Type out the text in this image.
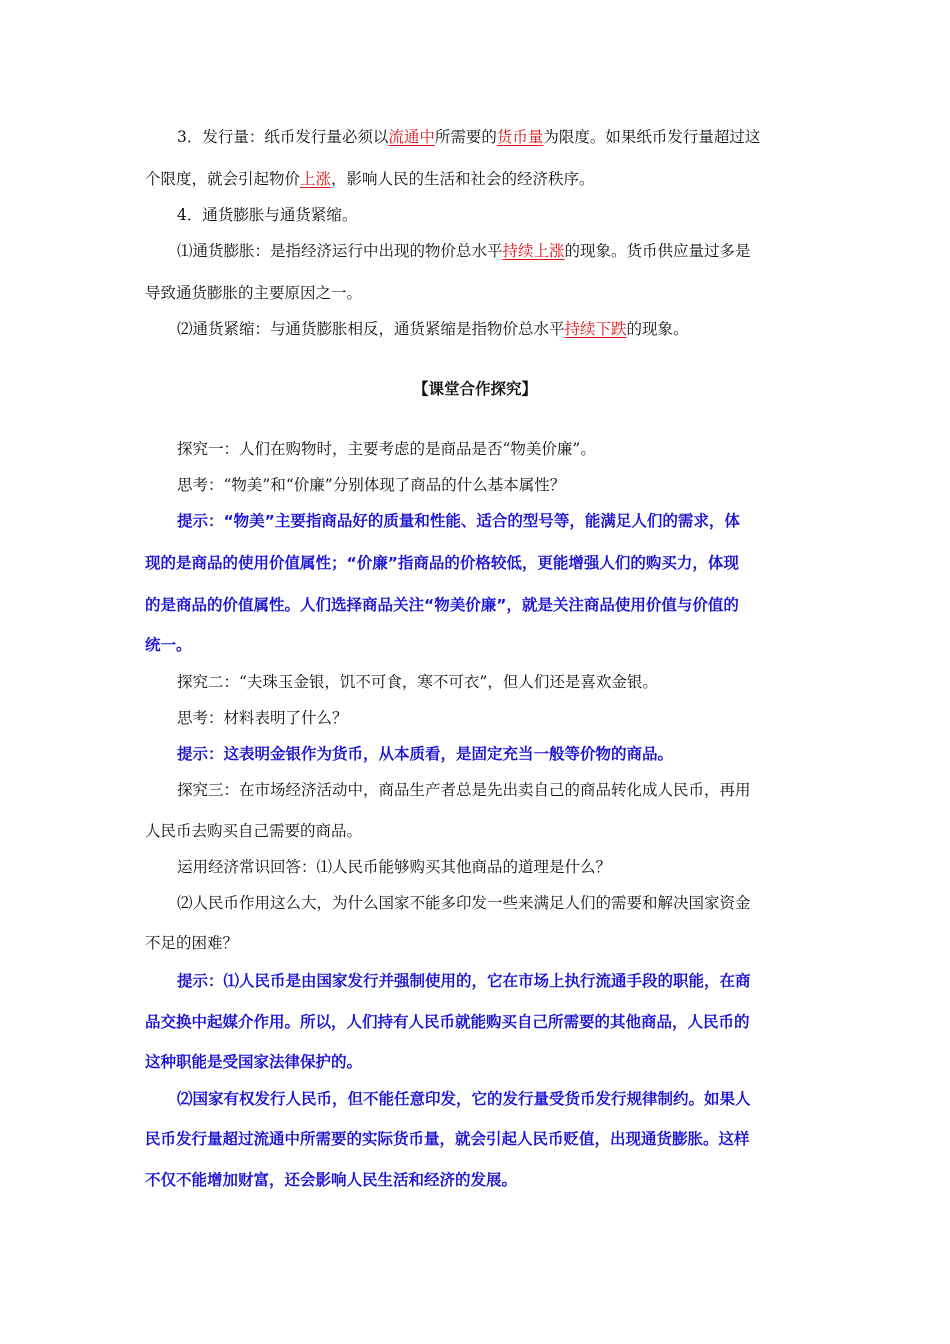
3．发行量：纸币发行量必须以流通中所需要的货币量为限度。如果纸币发行量超过这
个限度，就会引起物价上涨，影响人民的生活和社会的经济秩序。
4．通货膨胀与通货紧缩。
⑴通货膨胀：是指经济运行中出现的物价总水平持续上涨的现象。货币供应量过多是
导致通货膨胀的主要原因之一。
⑵通货紧缩：与通货膨胀相反，通货紧缩是指物价总水平持续下跌的现象。
【课堂合作探究】
探究一：人们在购物时，主要考虑的是商品是否“物美价廉”。
思考：“物美”和“价廉”分别体现了商品的什么基本属性？
提示：“物美”主要指商品好的质量和性能、适合的型号等，能满足人们的需求，体
现的是商品的使用价值属性；“价廉”指商品的价格较低，更能增强人们的购买力，体现
的是商品的价值属性。人们选择商品关注“物美价廉”，就是关注商品使用价值与价值的
统一。
探究二：“夫珠玉金银，饥不可食，寒不可衣”，但人们还是喜欢金银。
思考：材料表明了什么？
提示：这表明金银作为货币，从本质看，是固定充当一般等价物的商品。
探究三：在市场经济活动中，商品生产者总是先出卖自己的商品转化成人民币，再用
人民币去购买自己需要的商品。
运用经济常识回答：⑴人民币能够购买其他商品的道理是什么？
⑵人民币作用这么大，为什么国家不能多印发一些来满足人们的需要和解决国家资金
不足的困难？
提示：⑴人民币是由国家发行并强制使用的，它在市场上执行流通手段的职能，在商
品交换中起媒介作用。所以，人们持有人民币就能购买自己所需要的其他商品，人民币的
这种职能是受国家法律保护的。
⑵国家有权发行人民币，但不能任意印发，它的发行量受货币发行规律制约。如果人
民币发行量超过流通中所需要的实际货币量，就会引起人民币贬值，出现通货膨胀。这样
不仅不能增加财富，还会影响人民生活和经济的发展。
